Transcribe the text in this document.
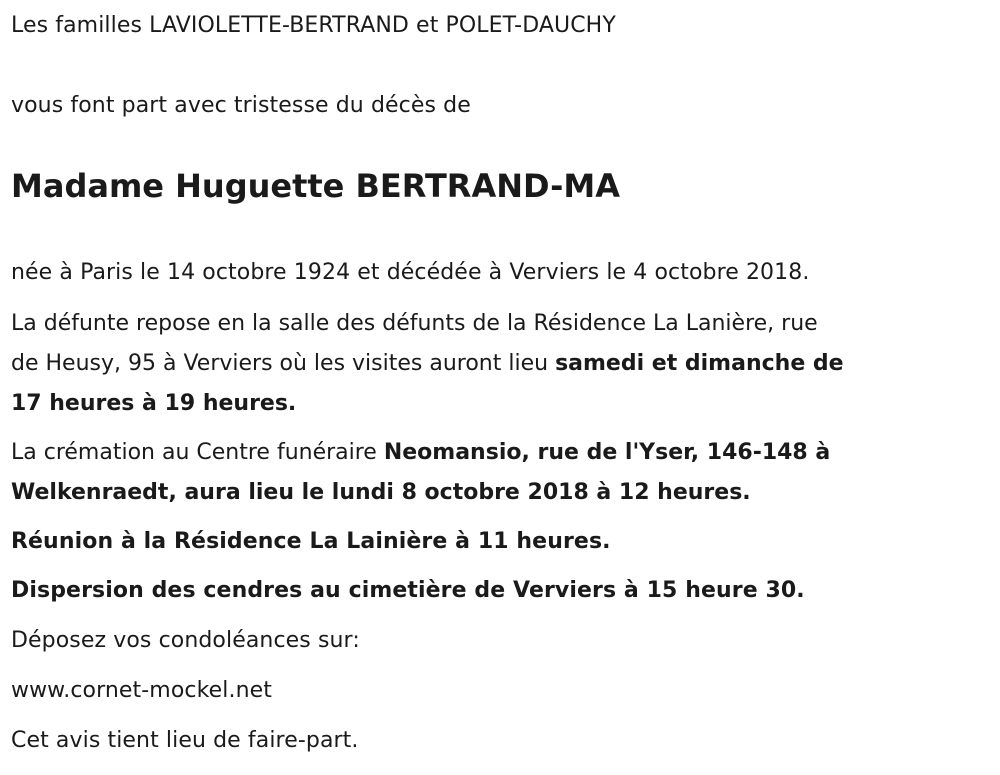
Les familles LAVIOLETTE-BERTRAND et POLET-DAUCHY

vous font part avec tristesse du décès de

Madame Huguette BERTRAND-MA

née à Paris le 14 octobre 1924 et décédée à Verviers le 4 octobre 2018.

La défunte repose en la salle des défunts de la Résidence La Lanière, rue
de Heusy, 95 à Verviers où les visites auront lieu samedi et dimanche de
17 heures à 19 heures.
La crémation au Centre funéraire Neomansio, rue de l'Yser, 146-148 à
Welkenraedt, aura lieu le lundi 8 octobre 2018 à 12 heures.

Réunion à la Résidence La Lainière à 11 heures.

Dispersion des cendres au cimetière de Verviers à 15 heure 30.

Déposez vos condoléances sur:

www.cornet-mockel.net

Cet avis tient lieu de faire-part.
